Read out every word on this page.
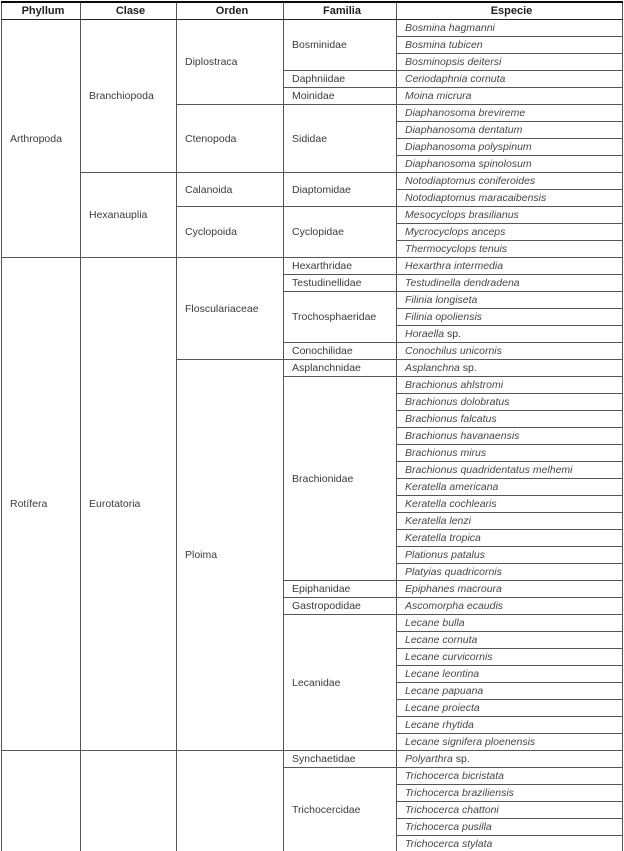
Phyllum	Clase	Orden	Familia	Especie
Arthropoda	Branchiopoda	Diplostraca	Bosminidae	Bosmina hagmanni
				Bosmina tubicen
				Bosminopsis deitersi
			Daphniidae	Ceriodaphnia cornuta
			Moinidae	Moina micrura
		Ctenopoda	Sididae	Diaphanosoma brevireme
				Diaphanosoma dentatum
				Diaphanosoma polyspinum
				Diaphanosoma spinolosum
	Hexanauplia	Calanoida	Diaptomidae	Notodiaptomus coniferoides
				Notodiaptomus maracaibensis
		Cyclopoida	Cyclopidae	Mesocyclops brasilianus
				Mycrocyclops anceps
				Thermocyclops tenuis
Rotífera	Eurotatoria	Flosculariaceae	Hexarthridae	Hexarthra intermedia
			Testudinellidae	Testudinella dendradena
			Trochosphaeridae	Filinia longiseta
				Filinia opoliensis
				Horaella sp.
			Conochilidae	Conochilus unicornis
		Ploima	Asplanchnidae	Asplanchna sp.
			Brachionidae	Brachionus ahlstromi
				Brachionus dolobratus
				Brachionus falcatus
				Brachionus havanaensis
				Brachionus mirus
				Brachionus quadridentatus melhemi
				Keratella americana
				Keratella cochlearis
				Keratella lenzi
				Keratella tropica
				Plationus patalus
				Platyias quadricornis
			Epiphanidae	Epiphanes macroura
			Gastropodidae	Ascomorpha ecaudis
			Lecanidae	Lecane bulla
				Lecane cornuta
				Lecane curvicornis
				Lecane leontina
				Lecane papuana
				Lecane proiecta
				Lecane rhytida
				Lecane signifera ploenensis
			Synchaetidae	Polyarthra sp.
			Trichocercidae	Trichocerca bicristata
				Trichocerca braziliensis
				Trichocerca chattoni
				Trichocerca pusilla
				Trichocerca stylata
